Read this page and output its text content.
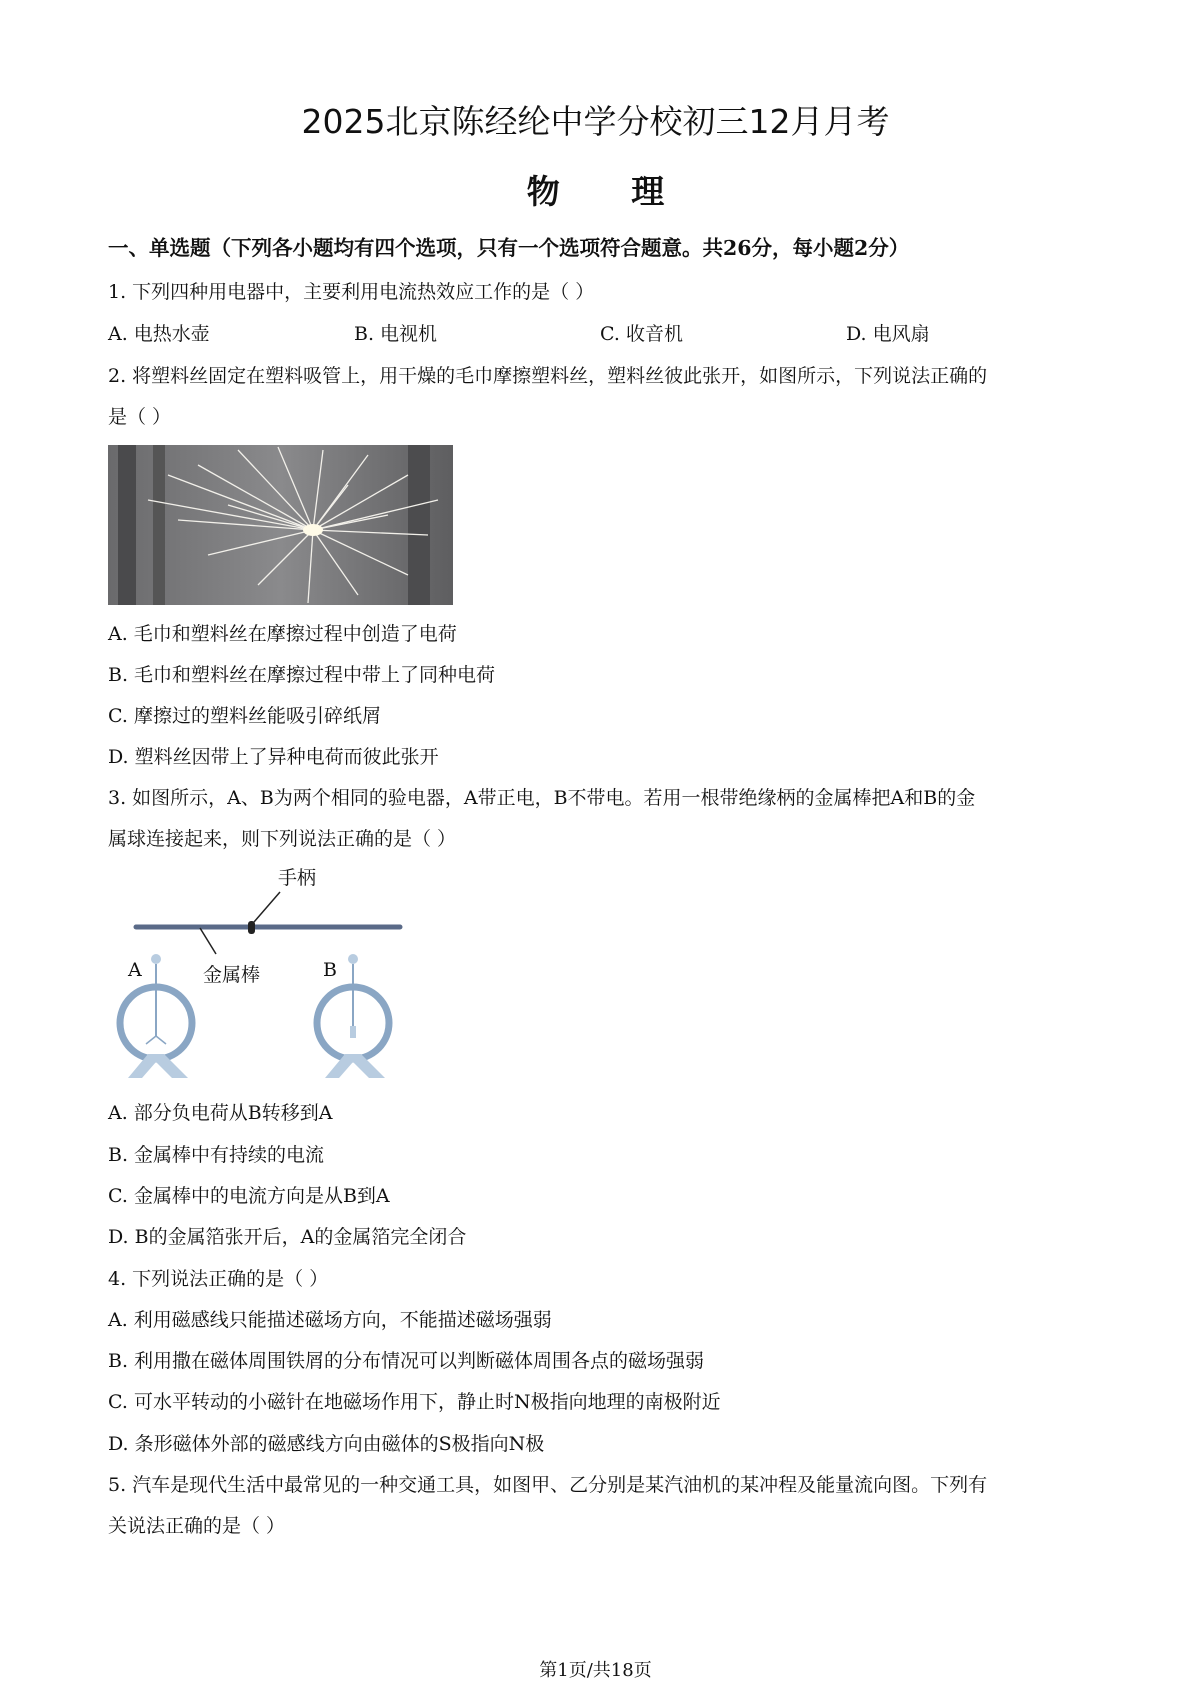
2025北京陈经纶中学分校初三12月月考
物 理
一、单选题（下列各小题均有四个选项，只有一个选项符合题意。共26分，每小题2分）
1. 下列四种用电器中，主要利用电流热效应工作的是（ ）
A. 电热水壶	B. 电视机	C. 收音机	D. 电风扇
2. 将塑料丝固定在塑料吸管上，用干燥的毛巾摩擦塑料丝，塑料丝彼此张开，如图所示，下列说法正确的
是（ ）
A. 毛巾和塑料丝在摩擦过程中创造了电荷
B. 毛巾和塑料丝在摩擦过程中带上了同种电荷
C. 摩擦过的塑料丝能吸引碎纸屑
D. 塑料丝因带上了异种电荷而彼此张开
3. 如图所示，A、B为两个相同的验电器，A带正电，B不带电。若用一根带绝缘柄的金属棒把A和B的金
属球连接起来，则下列说法正确的是（ ）
手柄
金属棒
A	B
A. 部分负电荷从B转移到A
B. 金属棒中有持续的电流
C. 金属棒中的电流方向是从B到A
D. B的金属箔张开后，A的金属箔完全闭合
4. 下列说法正确的是（ ）
A. 利用磁感线只能描述磁场方向，不能描述磁场强弱
B. 利用撒在磁体周围铁屑的分布情况可以判断磁体周围各点的磁场强弱
C. 可水平转动的小磁针在地磁场作用下，静止时N极指向地理的南极附近
D. 条形磁体外部的磁感线方向由磁体的S极指向N极
5. 汽车是现代生活中最常见的一种交通工具，如图甲、乙分别是某汽油机的某冲程及能量流向图。下列有
关说法正确的是（ ）
第1页/共18页
